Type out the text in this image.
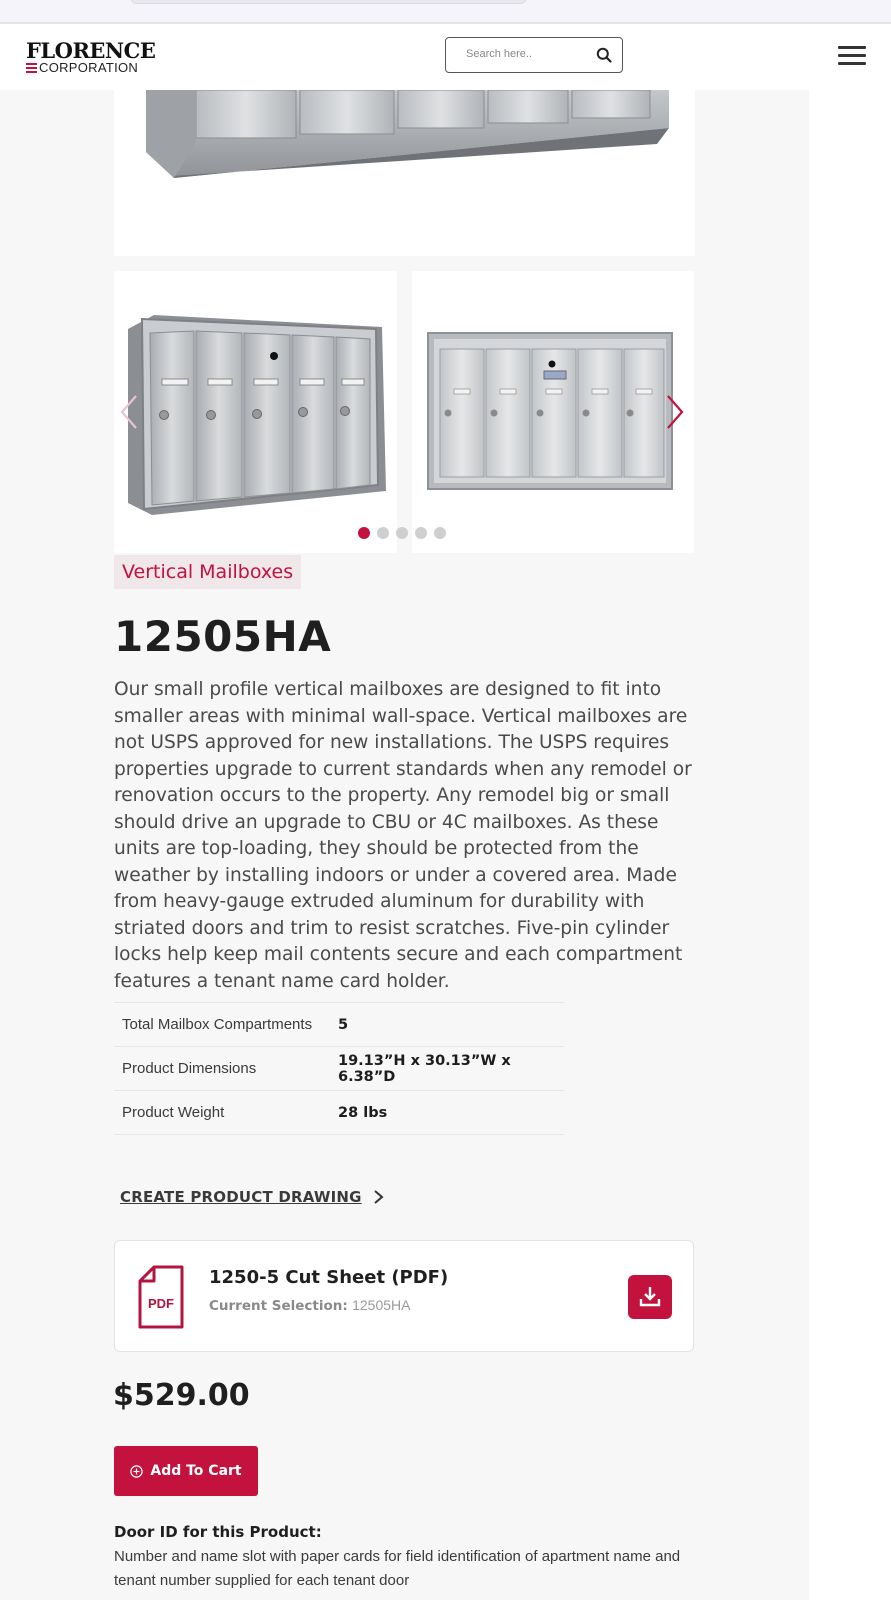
FLORENCE
CORPORATION
Search here..
Vertical Mailboxes
12505HA

Our small profile vertical mailboxes are designed to fit into smaller areas with minimal wall-space. Vertical mailboxes are not USPS approved for new installations. The USPS requires properties upgrade to current standards when any remodel or renovation occurs to the property. Any remodel big or small should drive an upgrade to CBU or 4C mailboxes. As these units are top-loading, they should be protected from the weather by installing indoors or under a covered area. Made from heavy-gauge extruded aluminum for durability with striated doors and trim to resist scratches. Five-pin cylinder locks help keep mail contents secure and each compartment features a tenant name card holder.

Total Mailbox Compartments	5
Product Dimensions	19.13”H x 30.13”W x 6.38”D
Product Weight	28 lbs
CREATE PRODUCT DRAWING
PDF
1250-5 Cut Sheet (PDF)
Current Selection: 12505HA
$529.00
Add To Cart
Door ID for this Product:
Number and name slot with paper cards for field identification of apartment name and tenant number supplied for each tenant door
